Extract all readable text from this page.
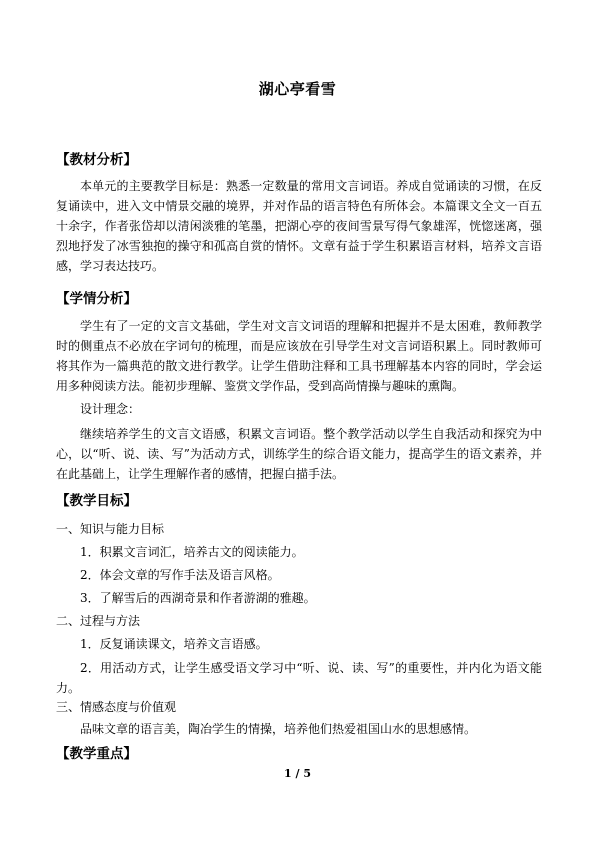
湖心亭看雪
【教材分析】
本单元的主要教学目标是：熟悉一定数量的常用文言词语。养成自觉诵读的习惯，在反复诵读中，进入文中情景交融的境界，并对作品的语言特色有所体会。本篇课文全文一百五十余字，作者张岱却以清闲淡雅的笔墨，把湖心亭的夜间雪景写得气象雄浑，恍惚迷离，强烈地抒发了冰雪独抱的操守和孤高自赏的情怀。文章有益于学生积累语言材料，培养文言语感，学习表达技巧。
【学情分析】
学生有了一定的文言文基础，学生对文言文词语的理解和把握并不是太困难，教师教学时的侧重点不必放在字词句的梳理，而是应该放在引导学生对文言词语积累上。同时教师可将其作为一篇典范的散文进行教学。让学生借助注释和工具书理解基本内容的同时，学会运用多种阅读方法。能初步理解、鉴赏文学作品，受到高尚情操与趣味的熏陶。
设计理念：
继续培养学生的文言文语感，积累文言词语。整个教学活动以学生自我活动和探究为中心，以“听、说、读、写”为活动方式，训练学生的综合语文能力，提高学生的语文素养，并在此基础上，让学生理解作者的感情，把握白描手法。
【教学目标】
一、知识与能力目标
1．积累文言词汇，培养古文的阅读能力。
2．体会文章的写作手法及语言风格。
3．了解雪后的西湖奇景和作者游湖的雅趣。
二、过程与方法
1．反复诵读课文，培养文言语感。
2．用活动方式，让学生感受语文学习中“听、说、读、写”的重要性，并内化为语文能力。
三、情感态度与价值观
品味文章的语言美，陶冶学生的情操，培养他们热爱祖国山水的思想感情。
【教学重点】
1 / 5
